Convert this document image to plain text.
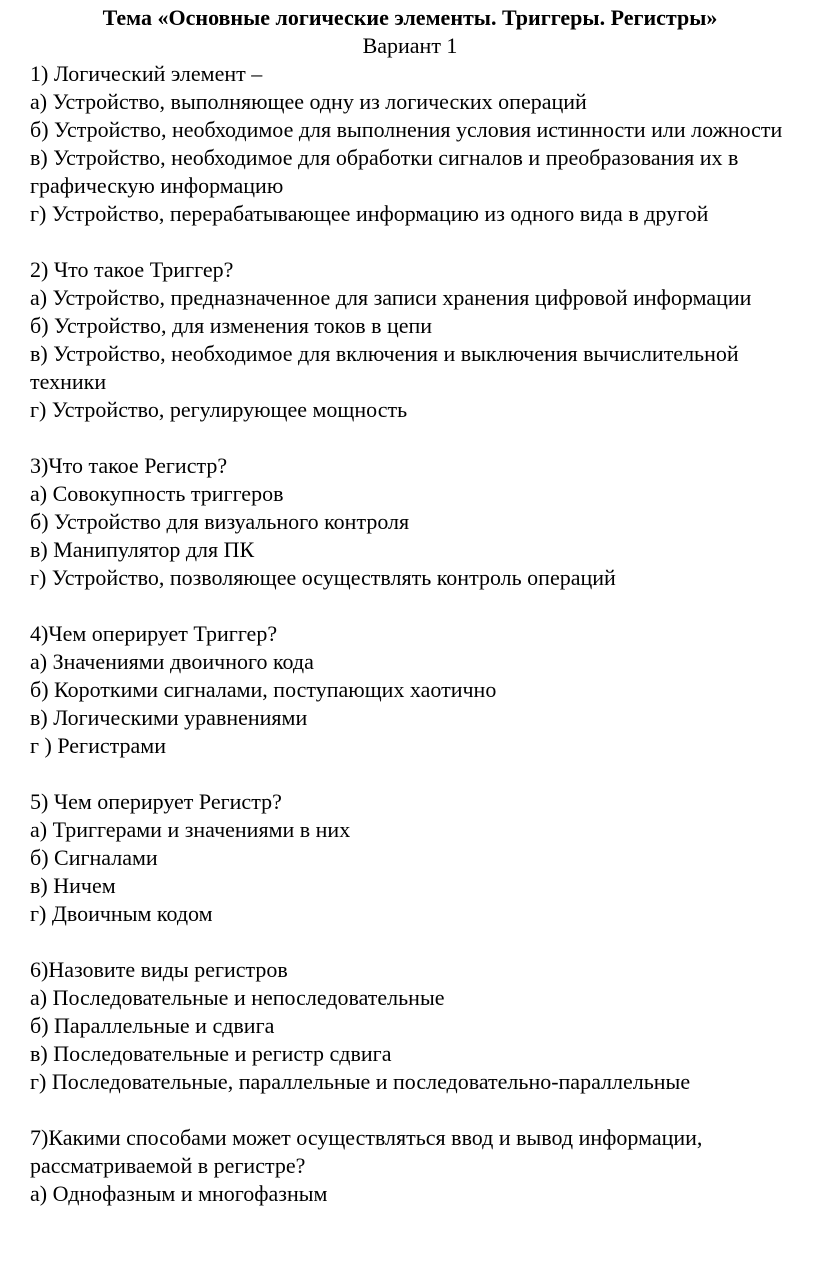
Тема «Основные логические элементы. Триггеры. Регистры»

Вариант 1

1) Логический элемент –

а) Устройство, выполняющее одну из логических операций

б) Устройство, необходимое для выполнения условия истинности или ложности

в) Устройство, необходимое для обработки сигналов и преобразования их в графическую информацию

г) Устройство, перерабатывающее информацию из одного вида в другой

2) Что такое Триггер?

а) Устройство, предназначенное для записи хранения цифровой информации

б) Устройство, для изменения токов в цепи

в) Устройство, необходимое для включения и выключения вычислительной техники

г) Устройство, регулирующее мощность

3)Что такое Регистр?

а) Совокупность триггеров

б) Устройство для визуального контроля

в) Манипулятор для ПК

г) Устройство, позволяющее осуществлять контроль операций

4)Чем оперирует Триггер?

а) Значениями двоичного кода

б) Короткими сигналами, поступающих хаотично

в) Логическими уравнениями

г ) Регистрами

5) Чем оперирует Регистр?

а) Триггерами и значениями в них

б) Сигналами

в) Ничем

г) Двоичным кодом

6)Назовите виды регистров

а) Последовательные и непоследовательные

б) Параллельные и сдвига

в) Последовательные и регистр сдвига

г) Последовательные, параллельные и последовательно-параллельные

7)Какими способами может осуществляться ввод и вывод информации, рассматриваемой в регистре?

а) Однофазным и многофазным
